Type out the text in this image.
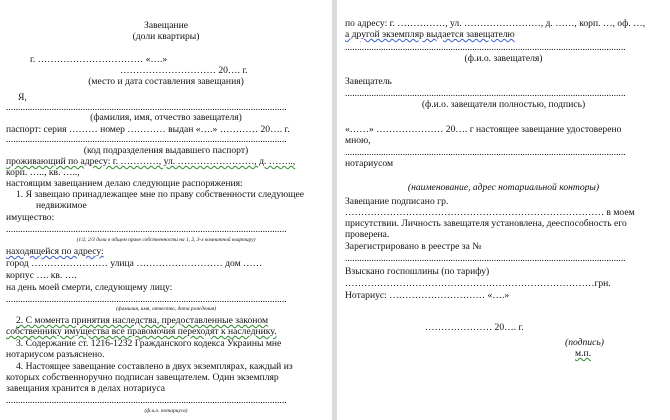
Завещание
(доли квартиры)
г. …………………………… «….»
………………………… 20…. г.
(место и дата составления завещания)
Я,
.....................................................................................................................
(фамилия, имя, отчество завещателя)
паспорт: серия ……… номер ………… выдан «….» ………… 20…. г.
.....................................................................................................................
(код подразделения выдавшего паспорт)
проживающий по адресу: г. …………, ул. ……………………, д. ……..,
корп. ….., кв. …..,
настоящим завещанием делаю следующие распоряжения:
1. Я завещаю принадлежащее мне по праву собственности следующее
недвижимое
имущество:
.....................................................................................................................
(1/2, 2/3 доли в общем праве собственности на 1, 2, 3-х комнатной квартиру)
находящейся по адресу:
город …………………… улица ……………………… дом ……
корпус …. кв. ….
на день моей смерти, следующему лицу:
.....................................................................................................................
(фамилия, имя, отчество, дата рождения)
2. С момента принятия наследства, предоставленные законом
собственнику имущества все правомочия переходят к наследнику.
3. Содержание ст. 1216-1232 Гражданского кодекса Украины мне
нотариусом разъяснено.
4. Настоящее завещание составлено в двух экземплярах, каждый из
которых собственноручно подписан завещателем. Один экземпляр
завещания хранится в делах нотариуса
.....................................................................................................................
(ф.и.о. нотариуса)
по адресу: г. ……………, ул. ……………………, д. ……, корп. …, оф. …,
а другой экземпляр выдается завещателю
.....................................................................................................................
(ф.и.о. завещателя)
Завещатель
.....................................................................................................................
(ф.и.о. завещателя полностью, подпись)
«……» ………………… 20…. г настоящее завещание удостоверено
мною,
.....................................................................................................................
нотариусом
(наименование, адрес нотариальной конторы)
Завещание подписано гр.
……………………………………………………………………… в моем
присутствии. Личность завещателя установлена, дееспособность его
проверена.
Зарегистрировано в реестре за №
.....................................................................................................................
Взыскано госпошлины (по тарифу)
……………………………………………………………………грн.
Нотариус: ………………………… «….»
………………… 20…. г.
(подпись)
м.п.
